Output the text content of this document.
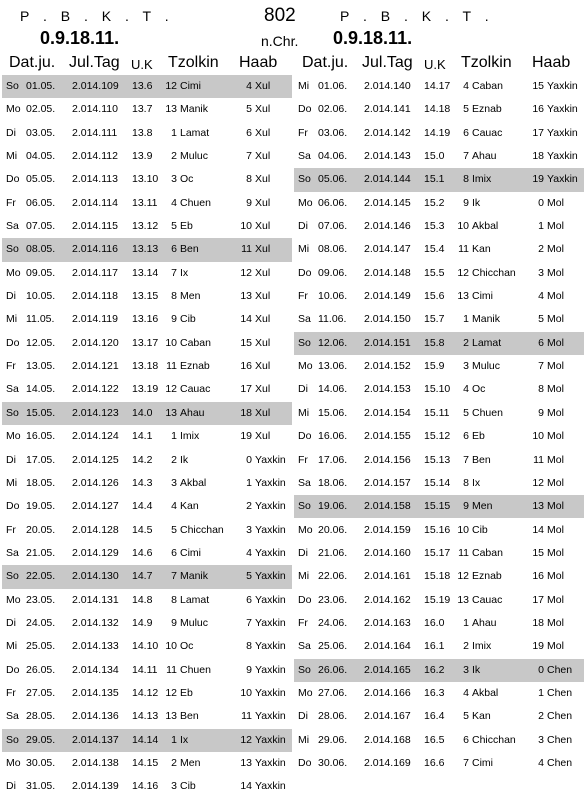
P . B . K . T .
0.9.18.11.
802
n.Chr.
P . B . K . T .
0.9.18.11.
Dat.ju. Jul.Tag U.K Tzolkin Haab Dat.ju. Jul.Tag U.K Tzolkin Haab
So 01.05. 2.014.109 13.6 12 Cimi	4 Xul
Mo 02.05. 2.014.110 13.7 13 Manik	5 Xul
Di 03.05. 2.014.111 13.8	1 Lamat	6 Xul
Mi 04.05. 2.014.112 13.9	2 Muluc	7 Xul
Do 05.05. 2.014.113 13.10	3 Oc	8 Xul
Fr 06.05. 2.014.114 13.11	4 Chuen	9 Xul
Sa 07.05. 2.014.115 13.12	5 Eb	10 Xul
So 08.05. 2.014.116 13.13	6 Ben	11 Xul
Mo 09.05. 2.014.117 13.14	7 Ix	12 Xul
Di 10.05. 2.014.118 13.15	8 Men	13 Xul
Mi 11.05. 2.014.119 13.16	9 Cib	14 Xul
Do 12.05. 2.014.120 13.17 10 Caban	15 Xul
Fr 13.05. 2.014.121 13.18 11 Eznab	16 Xul
Sa 14.05. 2.014.122 13.19 12 Cauac	17 Xul
So 15.05. 2.014.123 14.0 13 Ahau	18 Xul
Mo 16.05. 2.014.124 14.1	1 Imix	19 Xul
Di 17.05. 2.014.125 14.2	2 Ik	0 Yaxkin
Mi 18.05. 2.014.126 14.3	3 Akbal	1 Yaxkin
Do 19.05. 2.014.127 14.4	4 Kan	2 Yaxkin
Fr 20.05. 2.014.128 14.5	5 Chicchan	3 Yaxkin
Sa 21.05. 2.014.129 14.6	6 Cimi	4 Yaxkin
So 22.05. 2.014.130 14.7	7 Manik	5 Yaxkin
Mo 23.05. 2.014.131 14.8	8 Lamat	6 Yaxkin
Di 24.05. 2.014.132 14.9	9 Muluc	7 Yaxkin
Mi 25.05. 2.014.133 14.10 10 Oc	8 Yaxkin
Do 26.05. 2.014.134 14.11 11 Chuen	9 Yaxkin
Fr 27.05. 2.014.135 14.12 12 Eb	10 Yaxkin
Sa 28.05. 2.014.136 14.13 13 Ben	11 Yaxkin
So 29.05. 2.014.137 14.14	1 Ix	12 Yaxkin
Mo 30.05. 2.014.138 14.15	2 Men	13 Yaxkin
Di 31.05. 2.014.139 14.16	3 Cib	14 Yaxkin
Mi 01.06. 2.014.140 14.17	4 Caban	15 Yaxkin
Do 02.06. 2.014.141 14.18	5 Eznab	16 Yaxkin
Fr 03.06. 2.014.142 14.19	6 Cauac	17 Yaxkin
Sa 04.06. 2.014.143 15.0	7 Ahau	18 Yaxkin
So 05.06. 2.014.144 15.1	8 Imix	19 Yaxkin
Mo 06.06. 2.014.145 15.2	9 Ik	0 Mol
Di 07.06. 2.014.146 15.3 10 Akbal	1 Mol
Mi 08.06. 2.014.147 15.4 11 Kan	2 Mol
Do 09.06. 2.014.148 15.5 12 Chicchan	3 Mol
Fr 10.06. 2.014.149 15.6 13 Cimi	4 Mol
Sa 11.06. 2.014.150 15.7	1 Manik	5 Mol
So 12.06. 2.014.151 15.8	2 Lamat	6 Mol
Mo 13.06. 2.014.152 15.9	3 Muluc	7 Mol
Di 14.06. 2.014.153 15.10	4 Oc	8 Mol
Mi 15.06. 2.014.154 15.11	5 Chuen	9 Mol
Do 16.06. 2.014.155 15.12	6 Eb	10 Mol
Fr 17.06. 2.014.156 15.13	7 Ben	11 Mol
Sa 18.06. 2.014.157 15.14	8 Ix	12 Mol
So 19.06. 2.014.158 15.15	9 Men	13 Mol
Mo 20.06. 2.014.159 15.16 10 Cib	14 Mol
Di 21.06. 2.014.160 15.17 11 Caban	15 Mol
Mi 22.06. 2.014.161 15.18 12 Eznab	16 Mol
Do 23.06. 2.014.162 15.19 13 Cauac	17 Mol
Fr 24.06. 2.014.163 16.0	1 Ahau	18 Mol
Sa 25.06. 2.014.164 16.1	2 Imix	19 Mol
So 26.06. 2.014.165 16.2	3 Ik	0 Chen
Mo 27.06. 2.014.166 16.3	4 Akbal	1 Chen
Di 28.06. 2.014.167 16.4	5 Kan	2 Chen
Mi 29.06. 2.014.168 16.5	6 Chicchan	3 Chen
Do 30.06. 2.014.169 16.6	7 Cimi	4 Chen
